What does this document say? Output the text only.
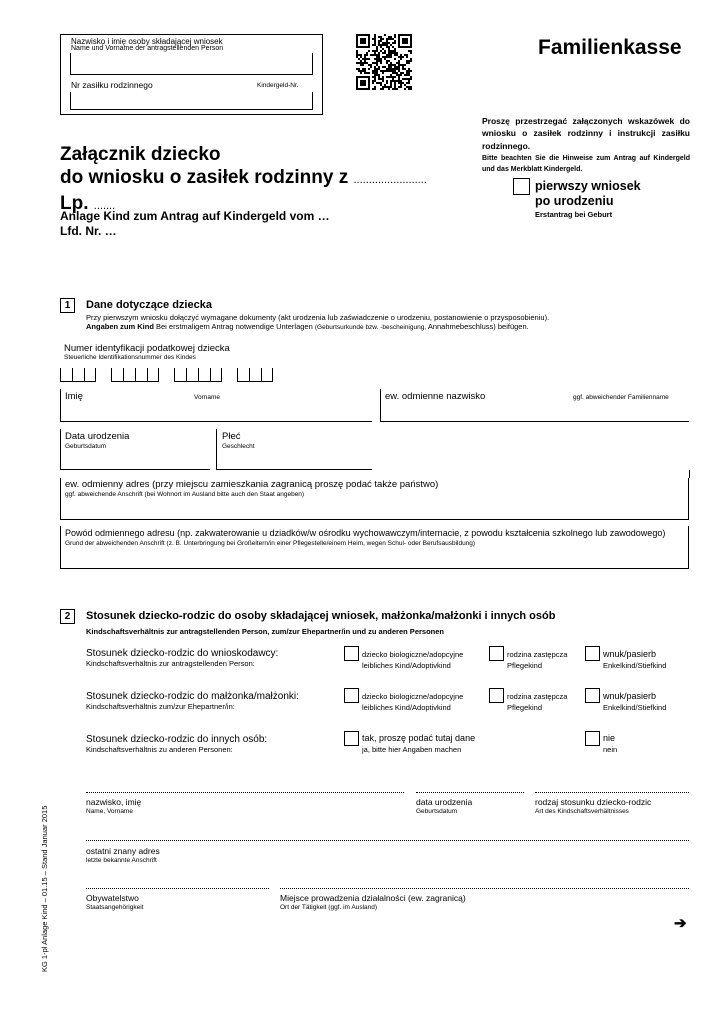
Nazwisko i imię osoby składającej wniosek
Name und Vorname der antragstellenden Person
Nr zasiłku rodzinnego	Kindergeld-Nr.
Familienkasse
Proszę przestrzegać załączonych wskazówek do wniosku o zasiłek rodzinny i instrukcji zasiłku rodzinnego.
Bitte beachten Sie die Hinweise zum Antrag auf Kindergeld und das Merkblatt Kindergeld.
Załącznik dziecko
do wniosku o zasiłek rodzinny z ........................
Lp. .......
Anlage Kind zum Antrag auf Kindergeld vom …
Lfd. Nr. …
pierwszy wniosek
po urodzeniu
Erstantrag bei Geburt
1	Dane dotyczące dziecka
Przy pierwszym wniosku dołączyć wymagane dokumenty (akt urodzenia lub zaświadczenie o urodzeniu, postanowienie o przysposobieniu).
Angaben zum Kind Bei erstmaligem Antrag notwendige Unterlagen (Geburtsurkunde bzw. -bescheinigung, Annahmebeschluss) beifügen.
Numer identyfikacji podatkowej dziecka
Steuerliche Identifikationsnummer des Kindes
Imię	Vorname	ew. odmienne nazwisko	ggf. abweichender Familienname
Data urodzenia
Geburtsdatum
Płeć
Geschlecht
ew. odmienny adres (przy miejscu zamieszkania zagranicą proszę podać także państwo)
ggf. abweichende Anschrift (bei Wohnort im Ausland bitte auch den Staat angeben)
Powód odmiennego adresu (np. zakwaterowanie u dziadków/w ośrodku wychowawczym/internacie, z powodu kształcenia szkolnego lub zawodowego)
Grund der abweichenden Anschrift (z. B. Unterbringung bei Großeltern/in einer Pflegestelle/einem Heim, wegen Schul- oder Berufsausbildung)
2	Stosunek dziecko-rodzic do osoby składającej wniosek, małżonka/małżonki i innych osób
Kindschaftsverhältnis zur antragstellenden Person, zum/zur Ehepartner/in und zu anderen Personen
Stosunek dziecko-rodzic do wnioskodawcy:
Kindschaftsverhältnis zur antragstellenden Person:
dziecko biologiczne/adopcyjne
leibliches Kind/Adoptivkind
rodzina zastępcza
Pflegekind
wnuk/pasierb
Enkelkind/Stiefkind
Stosunek dziecko-rodzic do małżonka/małżonki:
Kindschaftsverhältnis zum/zur Ehepartner/in:
dziecko biologiczne/adopcyjne
leibliches Kind/Adoptivkind
rodzina zastępcza
Pflegekind
wnuk/pasierb
Enkelkind/Stiefkind
Stosunek dziecko-rodzic do innych osób:
Kindschaftsverhältnis zu anderen Personen:
tak, proszę podać tutaj dane
ja, bitte hier Angaben machen
nie
nein
nazwisko, imię
Name, Vorname
data urodzenia
Geburtsdatum
rodzaj stosunku dziecko-rodzic
Art des Kindschaftsverhältnisses
ostatni znany adres
letzte bekannte Anschrift
Obywatelstwo
Staatsangehörigkeit
Miejsce prowadzenia działalności (ew. zagranicą)
Ort der Tätigkeit (ggf. im Ausland)
➔
KG 1-pl Anlage Kind – 01.15 – Stand Januar 2015
